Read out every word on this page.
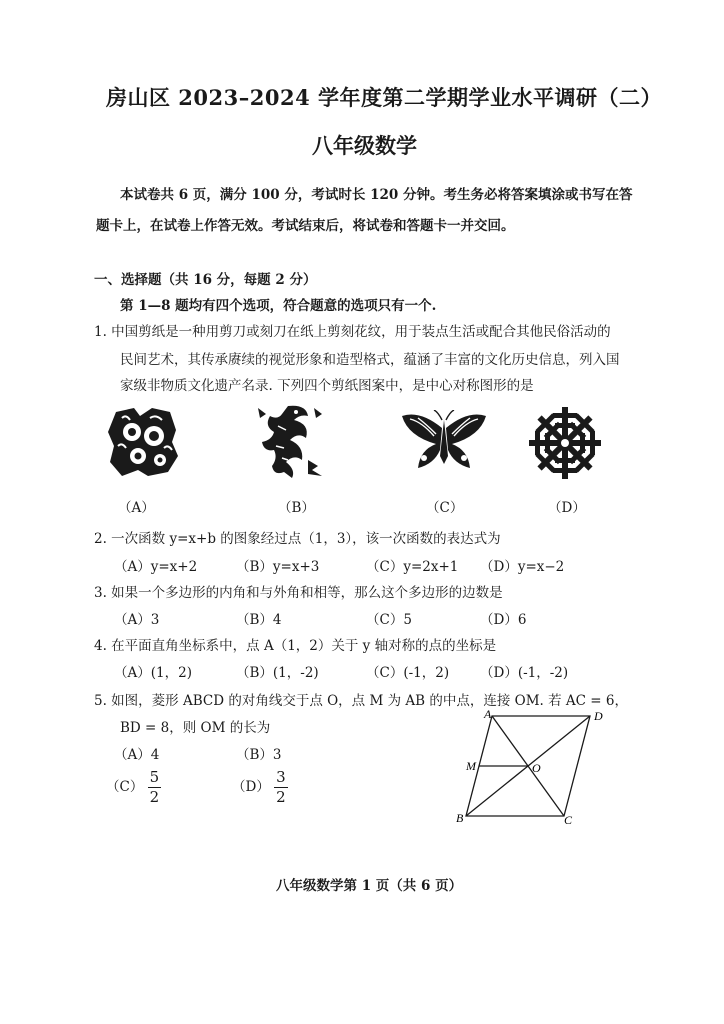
房山区 2023–2024 学年度第二学期学业水平调研（二）
八年级数学
本试卷共 6 页，满分 100 分，考试时长 120 分钟。考生务必将答案填涂或书写在答
题卡上，在试卷上作答无效。考试结束后，将试卷和答题卡一并交回。
一、选择题（共 16 分，每题 2 分）
第 1—8 题均有四个选项，符合题意的选项只有一个.
1. 中国剪纸是一种用剪刀或刻刀在纸上剪刻花纹，用于装点生活或配合其他民俗活动的
民间艺术，其传承赓续的视觉形象和造型格式，蕴涵了丰富的文化历史信息，列入国
家级非物质文化遗产名录. 下列四个剪纸图案中，是中心对称图形的是
（A）	（B）	（C）	（D）
2. 一次函数 y=x+b 的图象经过点（1，3），该一次函数的表达式为
（A）y=x+2	（B）y=x+3	（C）y=2x+1 （D）y=x−2
3. 如果一个多边形的内角和与外角和相等，那么这个多边形的边数是
（A）3	（B）4	（C）5	（D）6
4. 在平面直角坐标系中，点 A（1，2）关于 y 轴对称的点的坐标是
（A）(1，2)	（B）(1，-2)	（C）(-1，2) （D）(-1，-2)
5. 如图，菱形 ABCD 的对角线交于点 O，点 M 为 AB 的中点，连接 OM. 若 AC = 6，
BD = 8，则 OM 的长为
（A）4	（B）3
$(C) \frac{5}{2}$	$(D) \frac{3}{2}$
A	D
M	O
B	C
八年级数学第 1 页（共 6 页）
